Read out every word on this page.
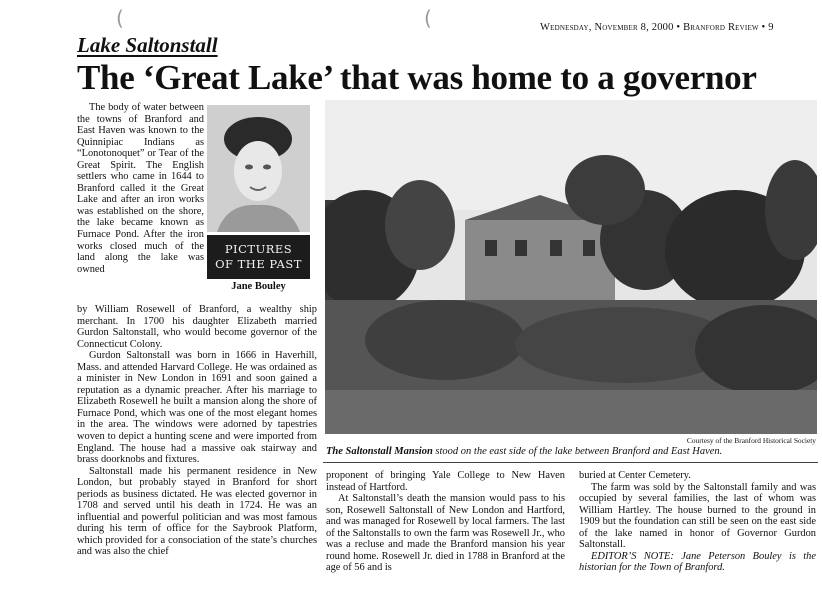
(	(	Wednesday, November 8, 2000 • Branford Review • 9
Lake Saltonstall
The ‘Great Lake’ that was home to a governor

The body of water between the towns of Branford and East Haven was known to the Quinnipiac Indians as “Lonotonoquet” or Tear of the Great Spirit. The English settlers who came in 1644 to Branford called it the Great Lake and after an iron works was established on the shore, the lake became known as Furnace Pond. After the iron works closed much of the land along the lake was owned

PICTURES
OF THE PAST
Jane Bouley

by William Rosewell of Branford, a wealthy ship merchant. In 1700 his daughter Elizabeth married Gurdon Saltonstall, who would become governor of the Connecticut Colony.

Gurdon Saltonstall was born in 1666 in Haverhill, Mass. and attended Harvard College. He was ordained as a minister in New London in 1691 and soon gained a reputation as a dynamic preacher. After his marriage to Elizabeth Rosewell he built a mansion along the shore of Furnace Pond, which was one of the most elegant homes in the area. The windows were adorned by tapestries woven to depict a hunting scene and were imported from England. The house had a massive oak stairway and brass doorknobs and fixtures.

Saltonstall made his permanent residence in New London, but probably stayed in Branford for short periods as business dictated. He was elected governor in 1708 and served until his death in 1724. He was an influential and powerful politician and was most famous during his term of office for the Saybrook Platform, which provided for a consociation of the state’s churches and was also the chief

Courtesy of the Branford Historical Society
The Saltonstall Mansion stood on the east side of the lake between Branford and East Haven.

proponent of bringing Yale College to New Haven instead of Hartford.

At Saltonstall’s death the mansion would pass to his son, Rosewell Saltonstall of New London and Hartford, and was managed for Rosewell by local farmers. The last of the Saltonstalls to own the farm was Rosewell Jr., who was a recluse and made the Branford mansion his year round home. Rosewell Jr. died in 1788 in Branford at the age of 56 and is

buried at Center Cemetery.

The farm was sold by the Saltonstall family and was occupied by several families, the last of whom was William Hartley. The house burned to the ground in 1909 but the foundation can still be seen on the east side of the lake named in honor of Governor Gurdon Saltonstall.

EDITOR’S NOTE: Jane Peterson Bouley is the historian for the Town of Branford.
